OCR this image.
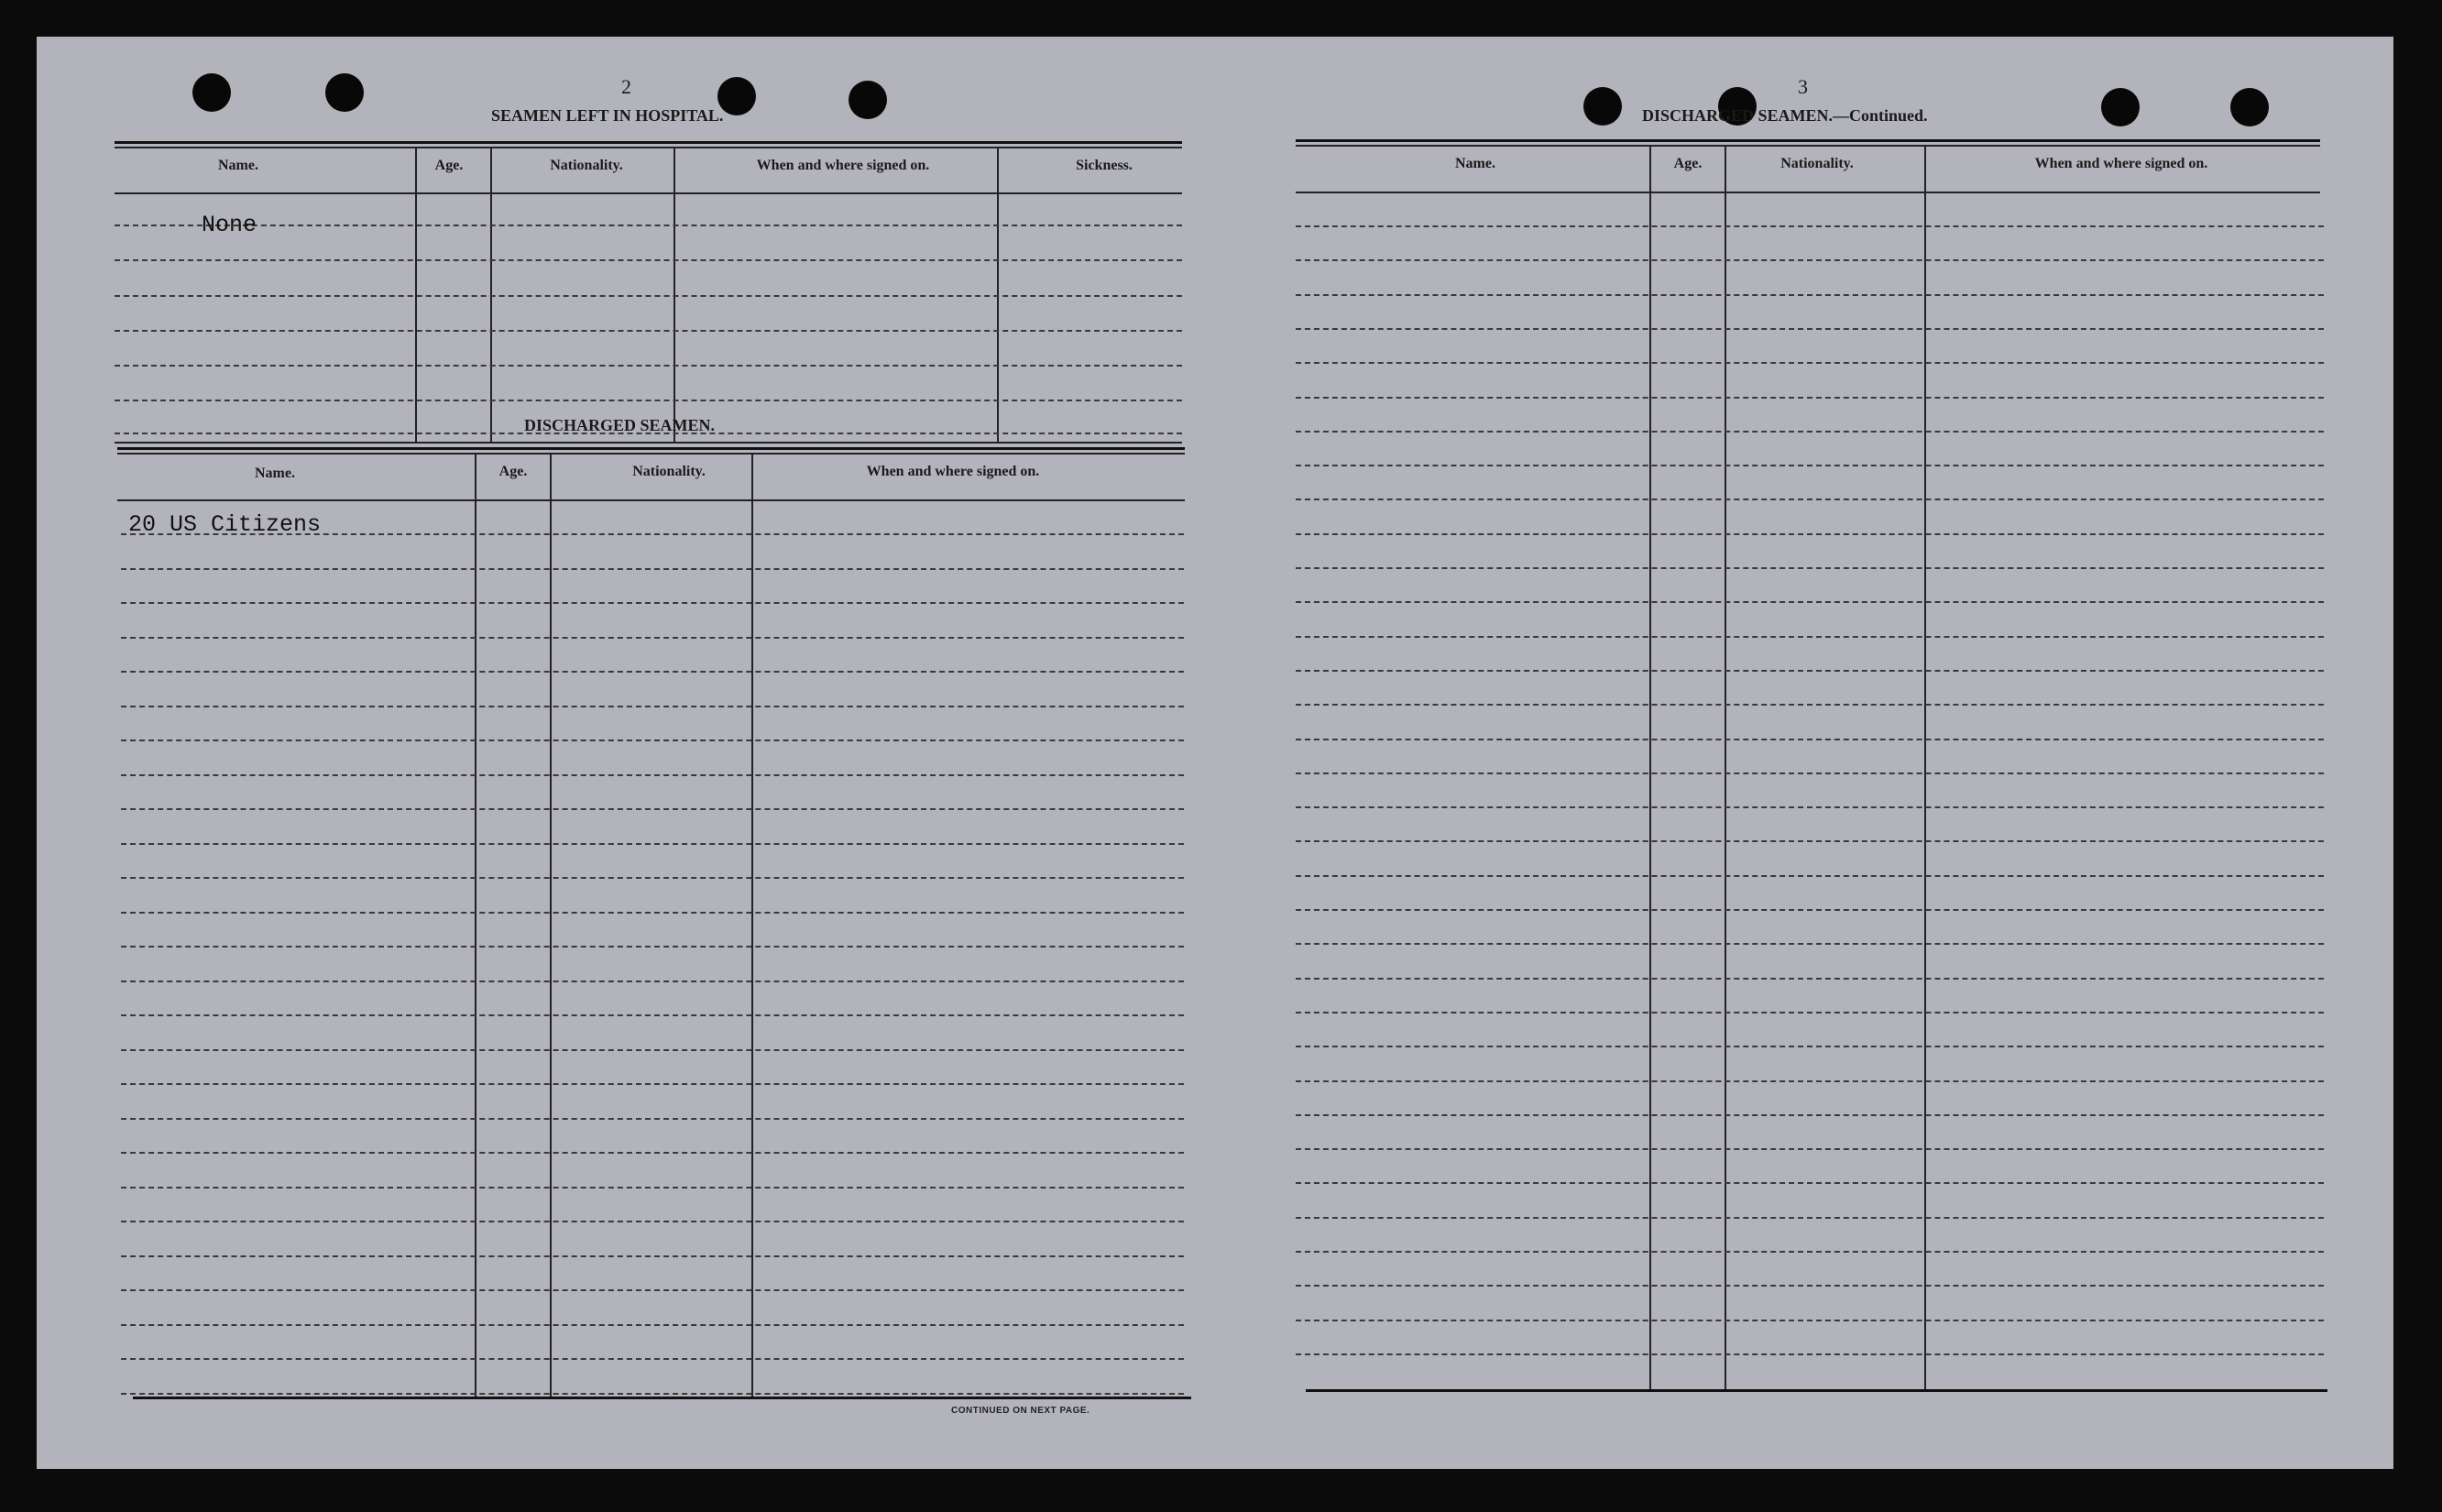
2
SEAMEN LEFT IN HOSPITAL.
Name.	Age.	Nationality.	When and where signed on.	Sickness.
None
DISCHARGED SEAMEN.
Name.	Age.	Nationality.	When and where signed on.
20 US Citizens
CONTINUED ON NEXT PAGE.
3
DISCHARGED SEAMEN.—Continued.
Name.	Age.	Nationality.	When and where signed on.
